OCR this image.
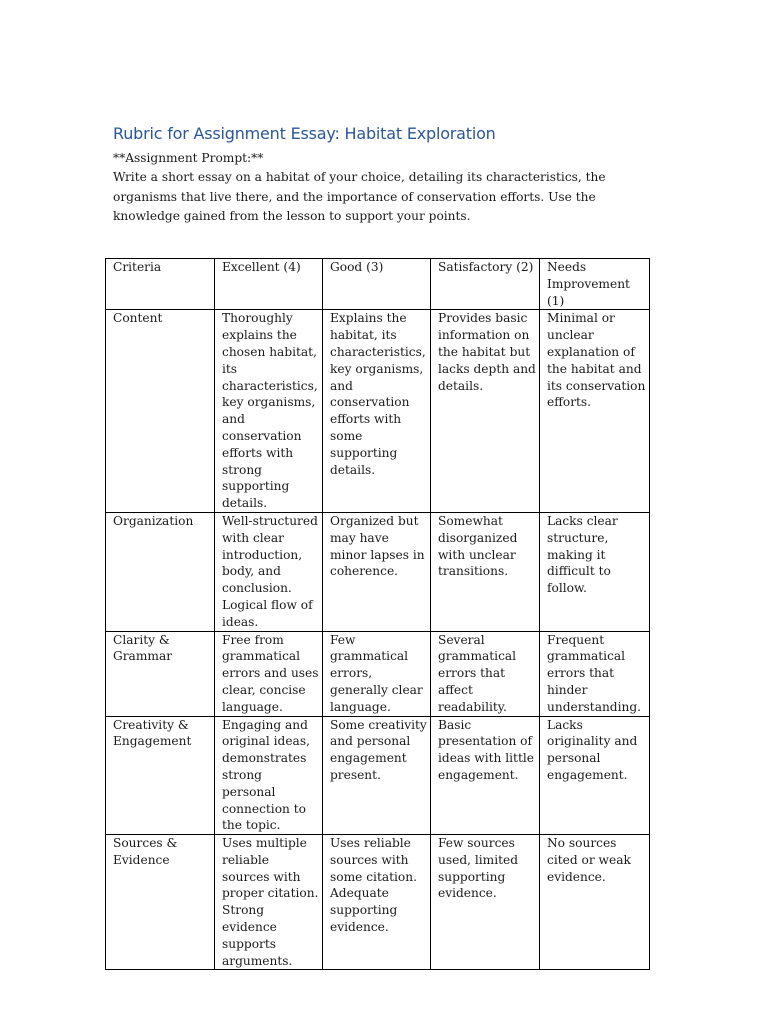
Rubric for Assignment Essay: Habitat Exploration

**Assignment Prompt:**

Write a short essay on a habitat of your choice, detailing its characteristics, the organisms that live there, and the importance of conservation efforts. Use the knowledge gained from the lesson to support your points.

Criteria	Excellent (4)	Good (3)	Satisfactory (2)	Needs Improvement (1)
Content	Thoroughly explains the chosen habitat, its characteristics, key organisms, and conservation efforts with strong supporting details.	Explains the habitat, its characteristics, key organisms, and conservation efforts with some supporting details.	Provides basic information on the habitat but lacks depth and details.	Minimal or unclear explanation of the habitat and its conservation efforts.
Organization	Well-structured with clear introduction, body, and conclusion. Logical flow of ideas.	Organized but may have minor lapses in coherence.	Somewhat disorganized with unclear transitions.	Lacks clear structure, making it difficult to follow.
Clarity & Grammar	Free from grammatical errors and uses clear, concise language.	Few grammatical errors, generally clear language.	Several grammatical errors that affect readability.	Frequent grammatical errors that hinder understanding.
Creativity & Engagement	Engaging and original ideas, demonstrates strong personal connection to the topic.	Some creativity and personal engagement present.	Basic presentation of ideas with little engagement.	Lacks originality and personal engagement.
Sources & Evidence	Uses multiple reliable sources with proper citation. Strong evidence supports arguments.	Uses reliable sources with some citation. Adequate supporting evidence.	Few sources used, limited supporting evidence.	No sources cited or weak evidence.
